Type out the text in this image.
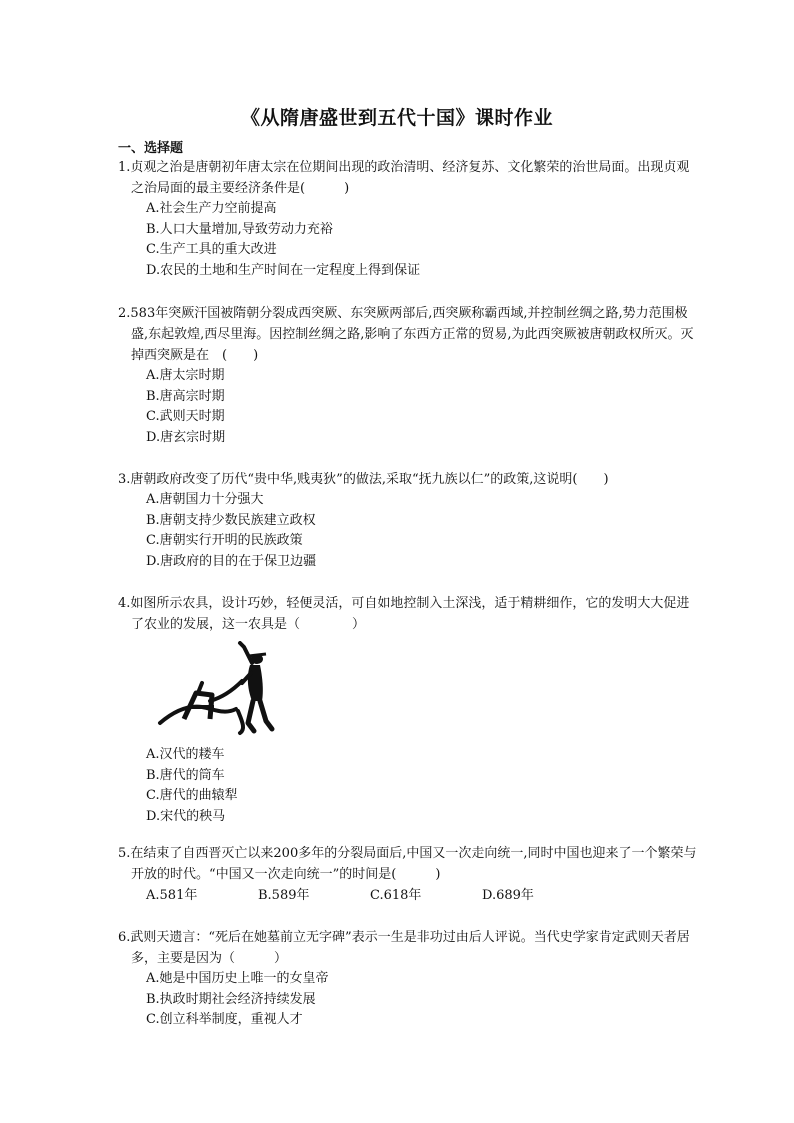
《从隋唐盛世到五代十国》课时作业
一、选择题
1.贞观之治是唐朝初年唐太宗在位期间出现的政治清明、经济复苏、文化繁荣的治世局面。出现贞观之治局面的最主要经济条件是(　　　)
A.社会生产力空前提高
B.人口大量增加,导致劳动力充裕
C.生产工具的重大改进
D.农民的土地和生产时间在一定程度上得到保证
2.583年突厥汗国被隋朝分裂成西突厥、东突厥两部后,西突厥称霸西域,并控制丝绸之路,势力范围极盛,东起敦煌,西尽里海。因控制丝绸之路,影响了东西方正常的贸易,为此西突厥被唐朝政权所灭。灭掉西突厥是在　(　　)
A.唐太宗时期
B.唐高宗时期
C.武则天时期
D.唐玄宗时期
3.唐朝政府改变了历代“贵中华,贱夷狄”的做法,采取“抚九族以仁”的政策,这说明(　　)
A.唐朝国力十分强大
B.唐朝支持少数民族建立政权
C.唐朝实行开明的民族政策
D.唐政府的目的在于保卫边疆
4.如图所示农具，设计巧妙，轻便灵活，可自如地控制入土深浅，适于精耕细作，它的发明大大促进了农业的发展，这一农具是（　　　　）
A.汉代的耧车
B.唐代的筒车
C.唐代的曲辕犁
D.宋代的秧马
5.在结束了自西晋灭亡以来200多年的分裂局面后,中国又一次走向统一,同时中国也迎来了一个繁荣与开放的时代。“中国又一次走向统一”的时间是(　　　)
A.581年	B.589年	C.618年	D.689年
6.武则天遗言：“死后在她墓前立无字碑”表示一生是非功过由后人评说。当代史学家肯定武则天者居多，主要是因为（　　　）
A.她是中国历史上唯一的女皇帝
B.执政时期社会经济持续发展
C.创立科举制度，重视人才
